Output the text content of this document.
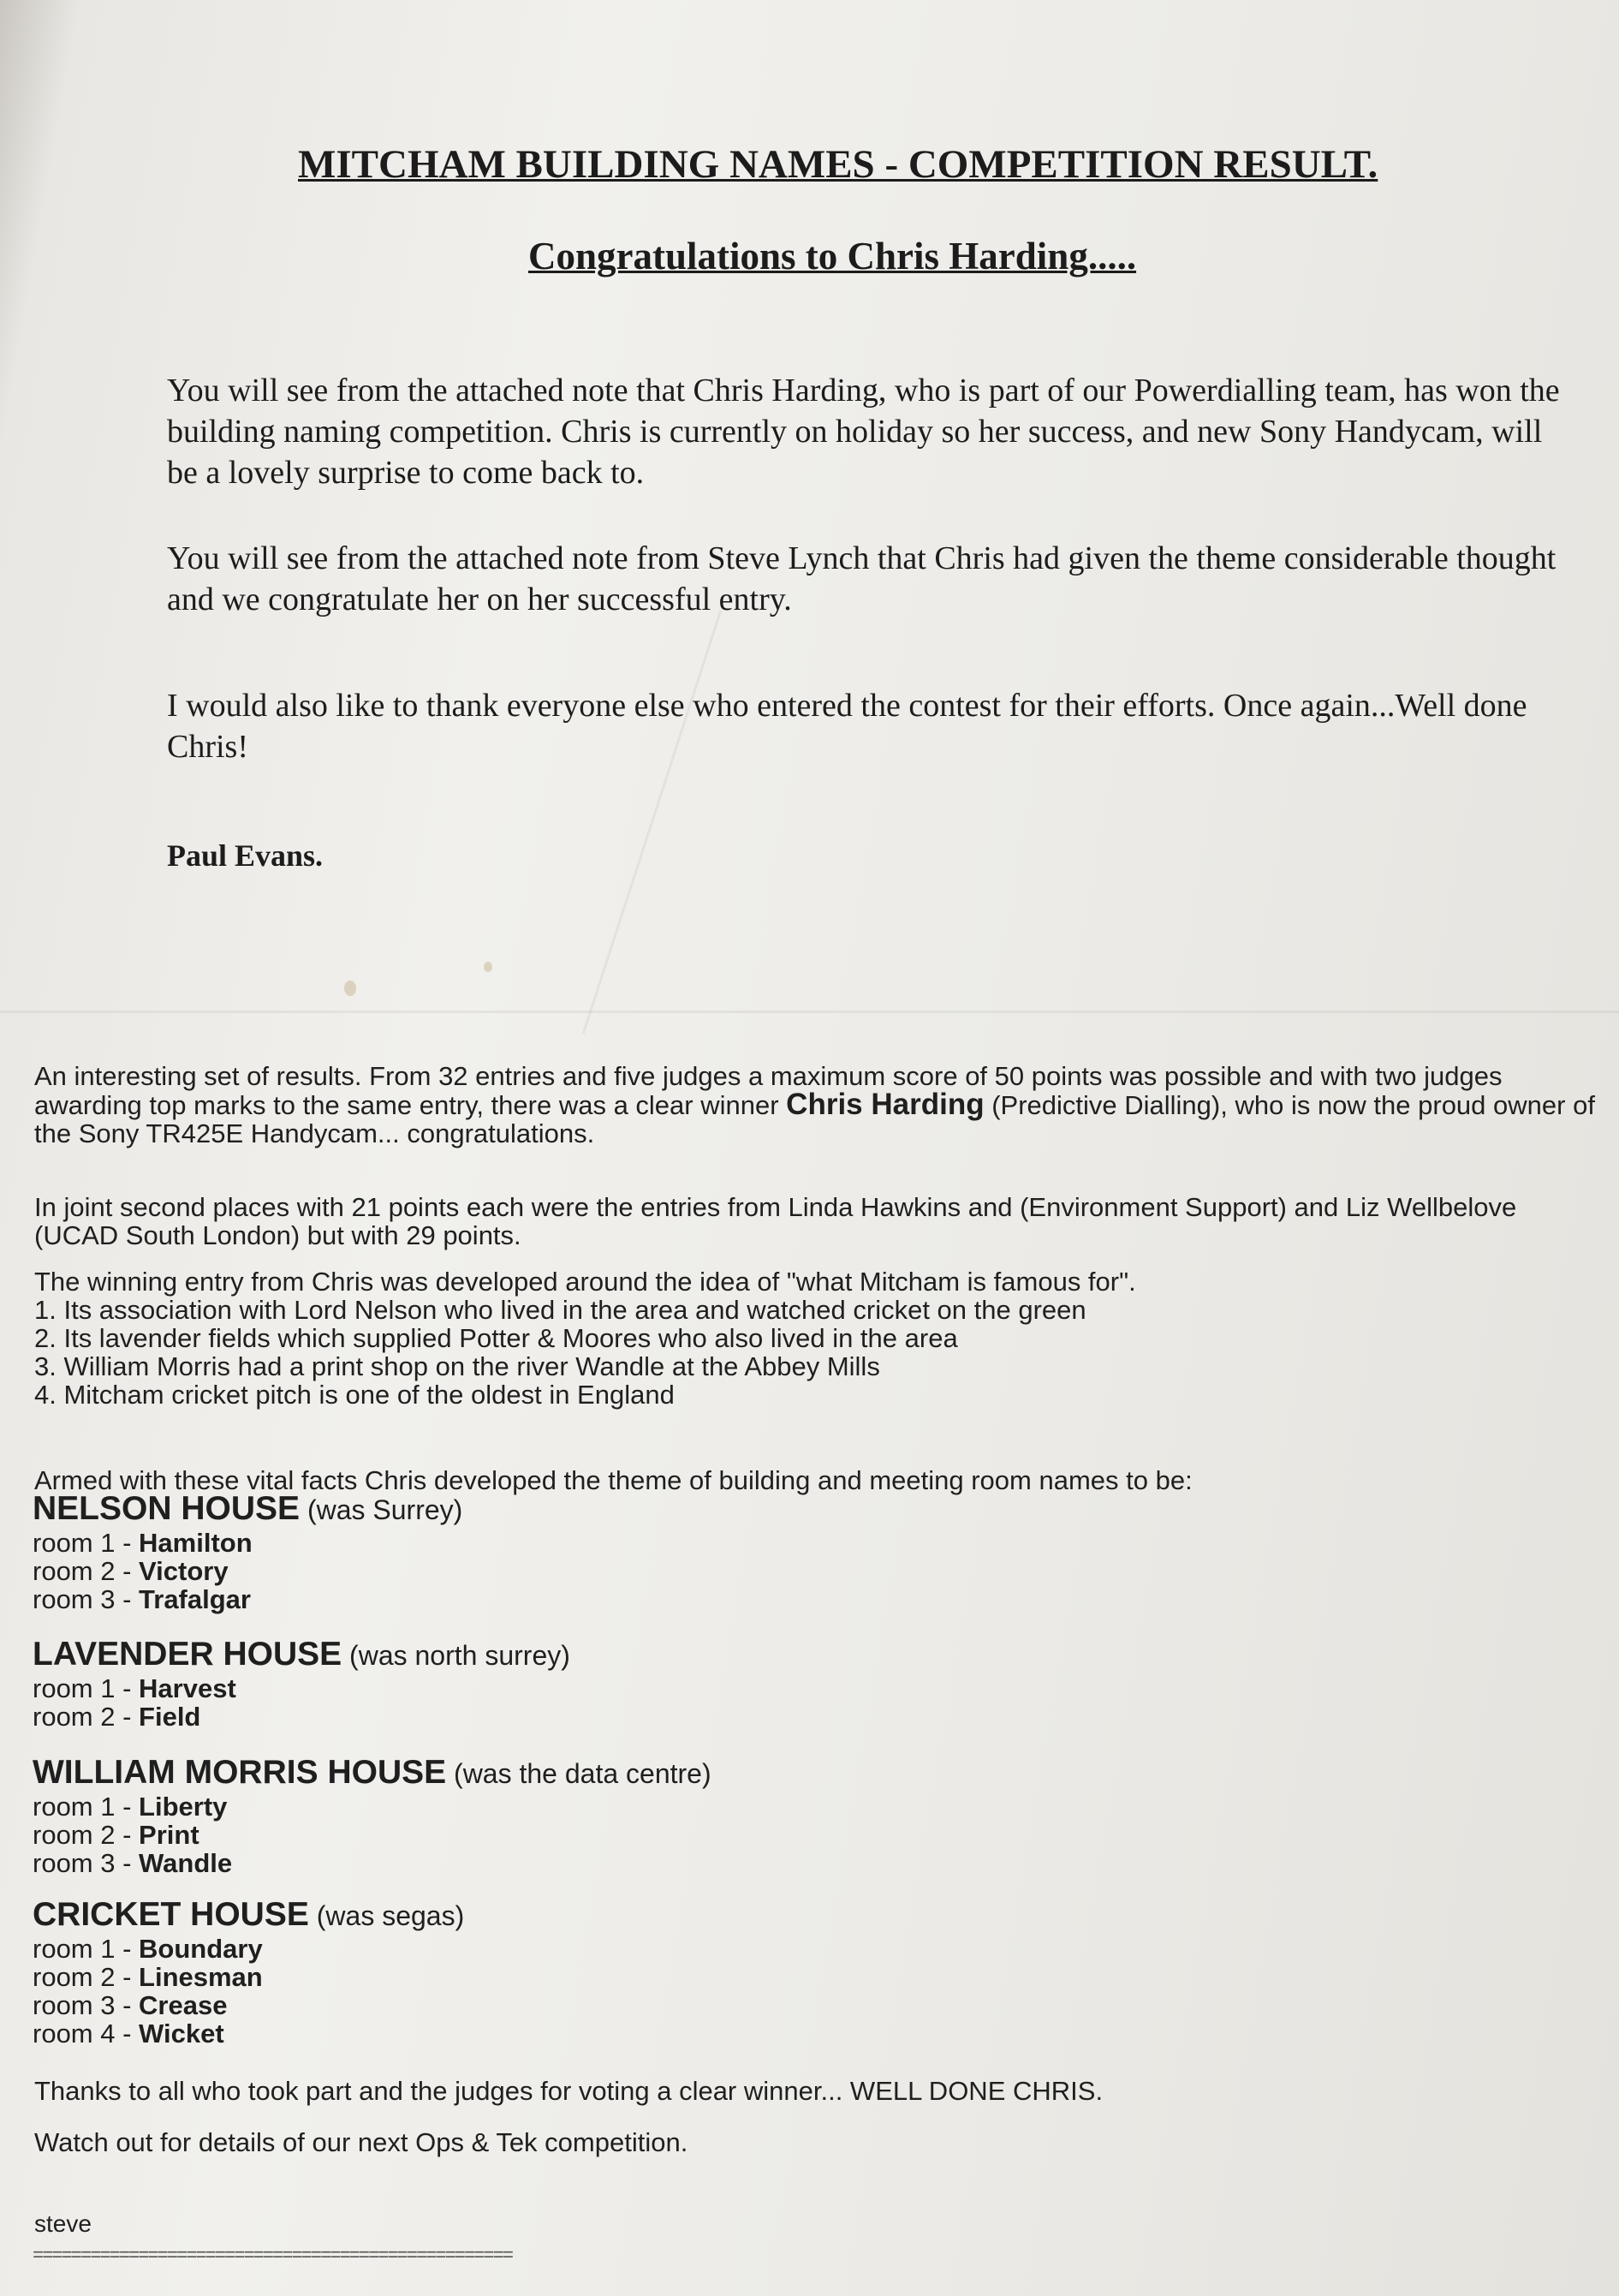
MITCHAM BUILDING NAMES - COMPETITION RESULT.
Congratulations to Chris Harding.....

You will see from the attached note that Chris Harding, who is part of our Powerdialling team, has won the building naming competition. Chris is currently on holiday so her success, and new Sony Handycam, will be a lovely surprise to come back to.

You will see from the attached note from Steve Lynch that Chris had given the theme considerable thought and we congratulate her on her successful entry.

I would also like to thank everyone else who entered the contest for their efforts. Once again...Well done Chris!

Paul Evans.

An interesting set of results. From 32 entries and five judges a maximum score of 50 points was possible and with two judges awarding top marks to the same entry, there was a clear winner Chris Harding (Predictive Dialling), who is now the proud owner of the Sony TR425E Handycam... congratulations.

In joint second places with 21 points each were the entries from Linda Hawkins and (Environment Support) and Liz Wellbelove (UCAD South London) but with 29 points.

The winning entry from Chris was developed around the idea of "what Mitcham is famous for".

1. Its association with Lord Nelson who lived in the area and watched cricket on the green

2. Its lavender fields which supplied Potter & Moores who also lived in the area

3. William Morris had a print shop on the river Wandle at the Abbey Mills

4. Mitcham cricket pitch is one of the oldest in England

Armed with these vital facts Chris developed the theme of building and meeting room names to be:

NELSON HOUSE (was Surrey)
room 1 - Hamilton
room 2 - Victory
room 3 - Trafalgar
LAVENDER HOUSE (was north surrey)
room 1 - Harvest
room 2 - Field
WILLIAM MORRIS HOUSE (was the data centre)
room 1 - Liberty
room 2 - Print
room 3 - Wandle
CRICKET HOUSE (was segas)
room 1 - Boundary
room 2 - Linesman
room 3 - Crease
room 4 - Wicket

Thanks to all who took part and the judges for voting a clear winner... WELL DONE CHRIS.

Watch out for details of our next Ops & Tek competition.

steve

==================================================
